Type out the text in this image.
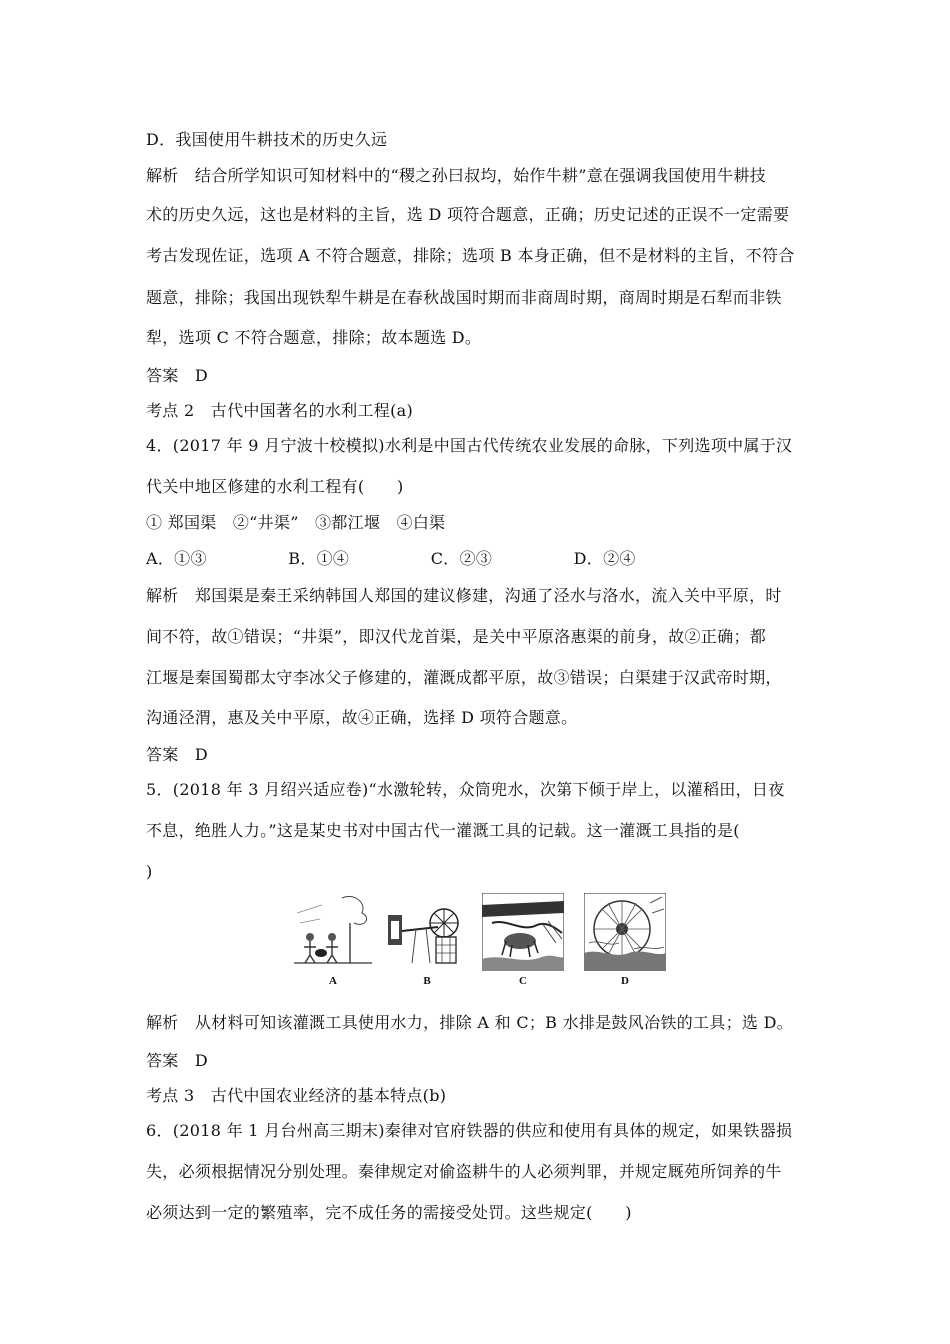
D．我国使用牛耕技术的历史久远
解析　结合所学知识可知材料中的“稷之孙曰叔均，始作牛耕”意在强调我国使用牛耕技
术的历史久远，这也是材料的主旨，选 D 项符合题意，正确；历史记述的正误不一定需要
考古发现佐证，选项 A 不符合题意，排除；选项 B 本身正确，但不是材料的主旨，不符合
题意，排除；我国出现铁犁牛耕是在春秋战国时期而非商周时期，商周时期是石犁而非铁
犁，选项 C 不符合题意，排除；故本题选 D。
答案　D
考点 2　古代中国著名的水利工程(a)
4．(2017 年 9 月宁波十校模拟)水利是中国古代传统农业发展的命脉，下列选项中属于汉
代关中地区修建的水利工程有(　　)
① 郑国渠　②“井渠”　③都江堰　④白渠
A．①③　　　　　B．①④　　　　　C．②③　　　　　D．②④
解析　郑国渠是秦王采纳韩国人郑国的建议修建，沟通了泾水与洛水，流入关中平原，时
间不符，故①错误；“井渠”，即汉代龙首渠，是关中平原洛惠渠的前身，故②正确；都
江堰是秦国蜀郡太守李冰父子修建的，灌溉成都平原，故③错误；白渠建于汉武帝时期，
沟通泾渭，惠及关中平原，故④正确，选择 D 项符合题意。
答案　D
5．(2018 年 3 月绍兴适应卷)“水激轮转，众筒兜水，次第下倾于岸上，以灌稻田，日夜
不息，绝胜人力。”这是某史书对中国古代一灌溉工具的记载。这一灌溉工具指的是(
)
A	B	C	D
解析　从材料可知该灌溉工具使用水力，排除 A 和 C；B 水排是鼓风冶铁的工具；选 D。
答案　D
考点 3　古代中国农业经济的基本特点(b)
6．(2018 年 1 月台州高三期末)秦律对官府铁器的供应和使用有具体的规定，如果铁器损
失，必须根据情况分别处理。秦律规定对偷盗耕牛的人必须判罪，并规定厩苑所饲养的牛
必须达到一定的繁殖率，完不成任务的需接受处罚。这些规定(　　)
